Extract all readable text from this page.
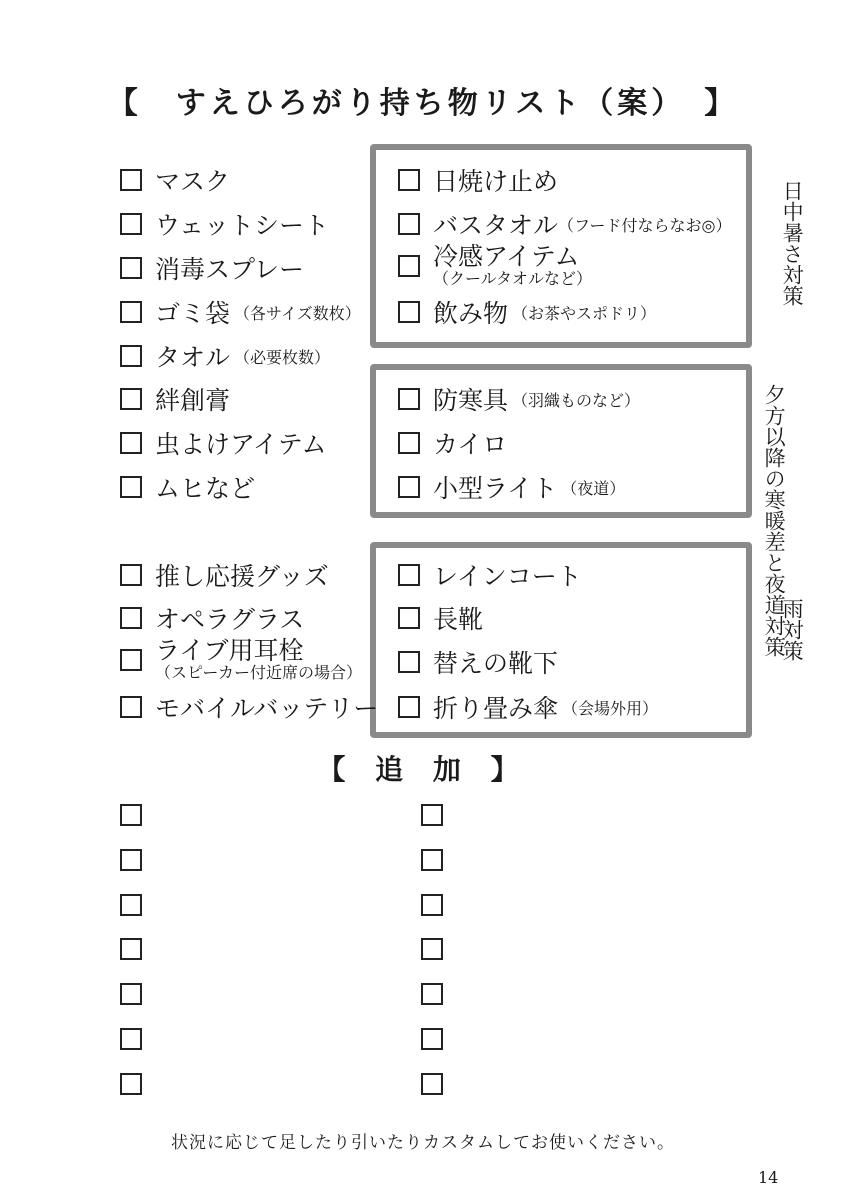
【　すえひろがり持ち物リスト（案）　】
マスク
ウェットシート
消毒スプレー
ゴミ袋 （各サイズ数枚）
タオル （必要枚数）
日焼け止め
バスタオル （フード付ならなお◎）
冷感アイテム
（クールタオルなど）
飲み物 （お茶やスポドリ）
日中暑さ対策
絆創膏
虫よけアイテム
ムヒなど
防寒具 （羽織ものなど）
カイロ
小型ライト （夜道）	夕方以降の寒暖差と夜道対策
推し応援グッズ
オペラグラス
ライブ用耳栓
（スピーカー付近席の場合）
モバイルバッテリー
レインコート
長靴
替えの靴下
折り畳み傘 （会場外用）
雨対策
【 追 加 】
状況に応じて足したり引いたりカスタムしてお使いください。
14
